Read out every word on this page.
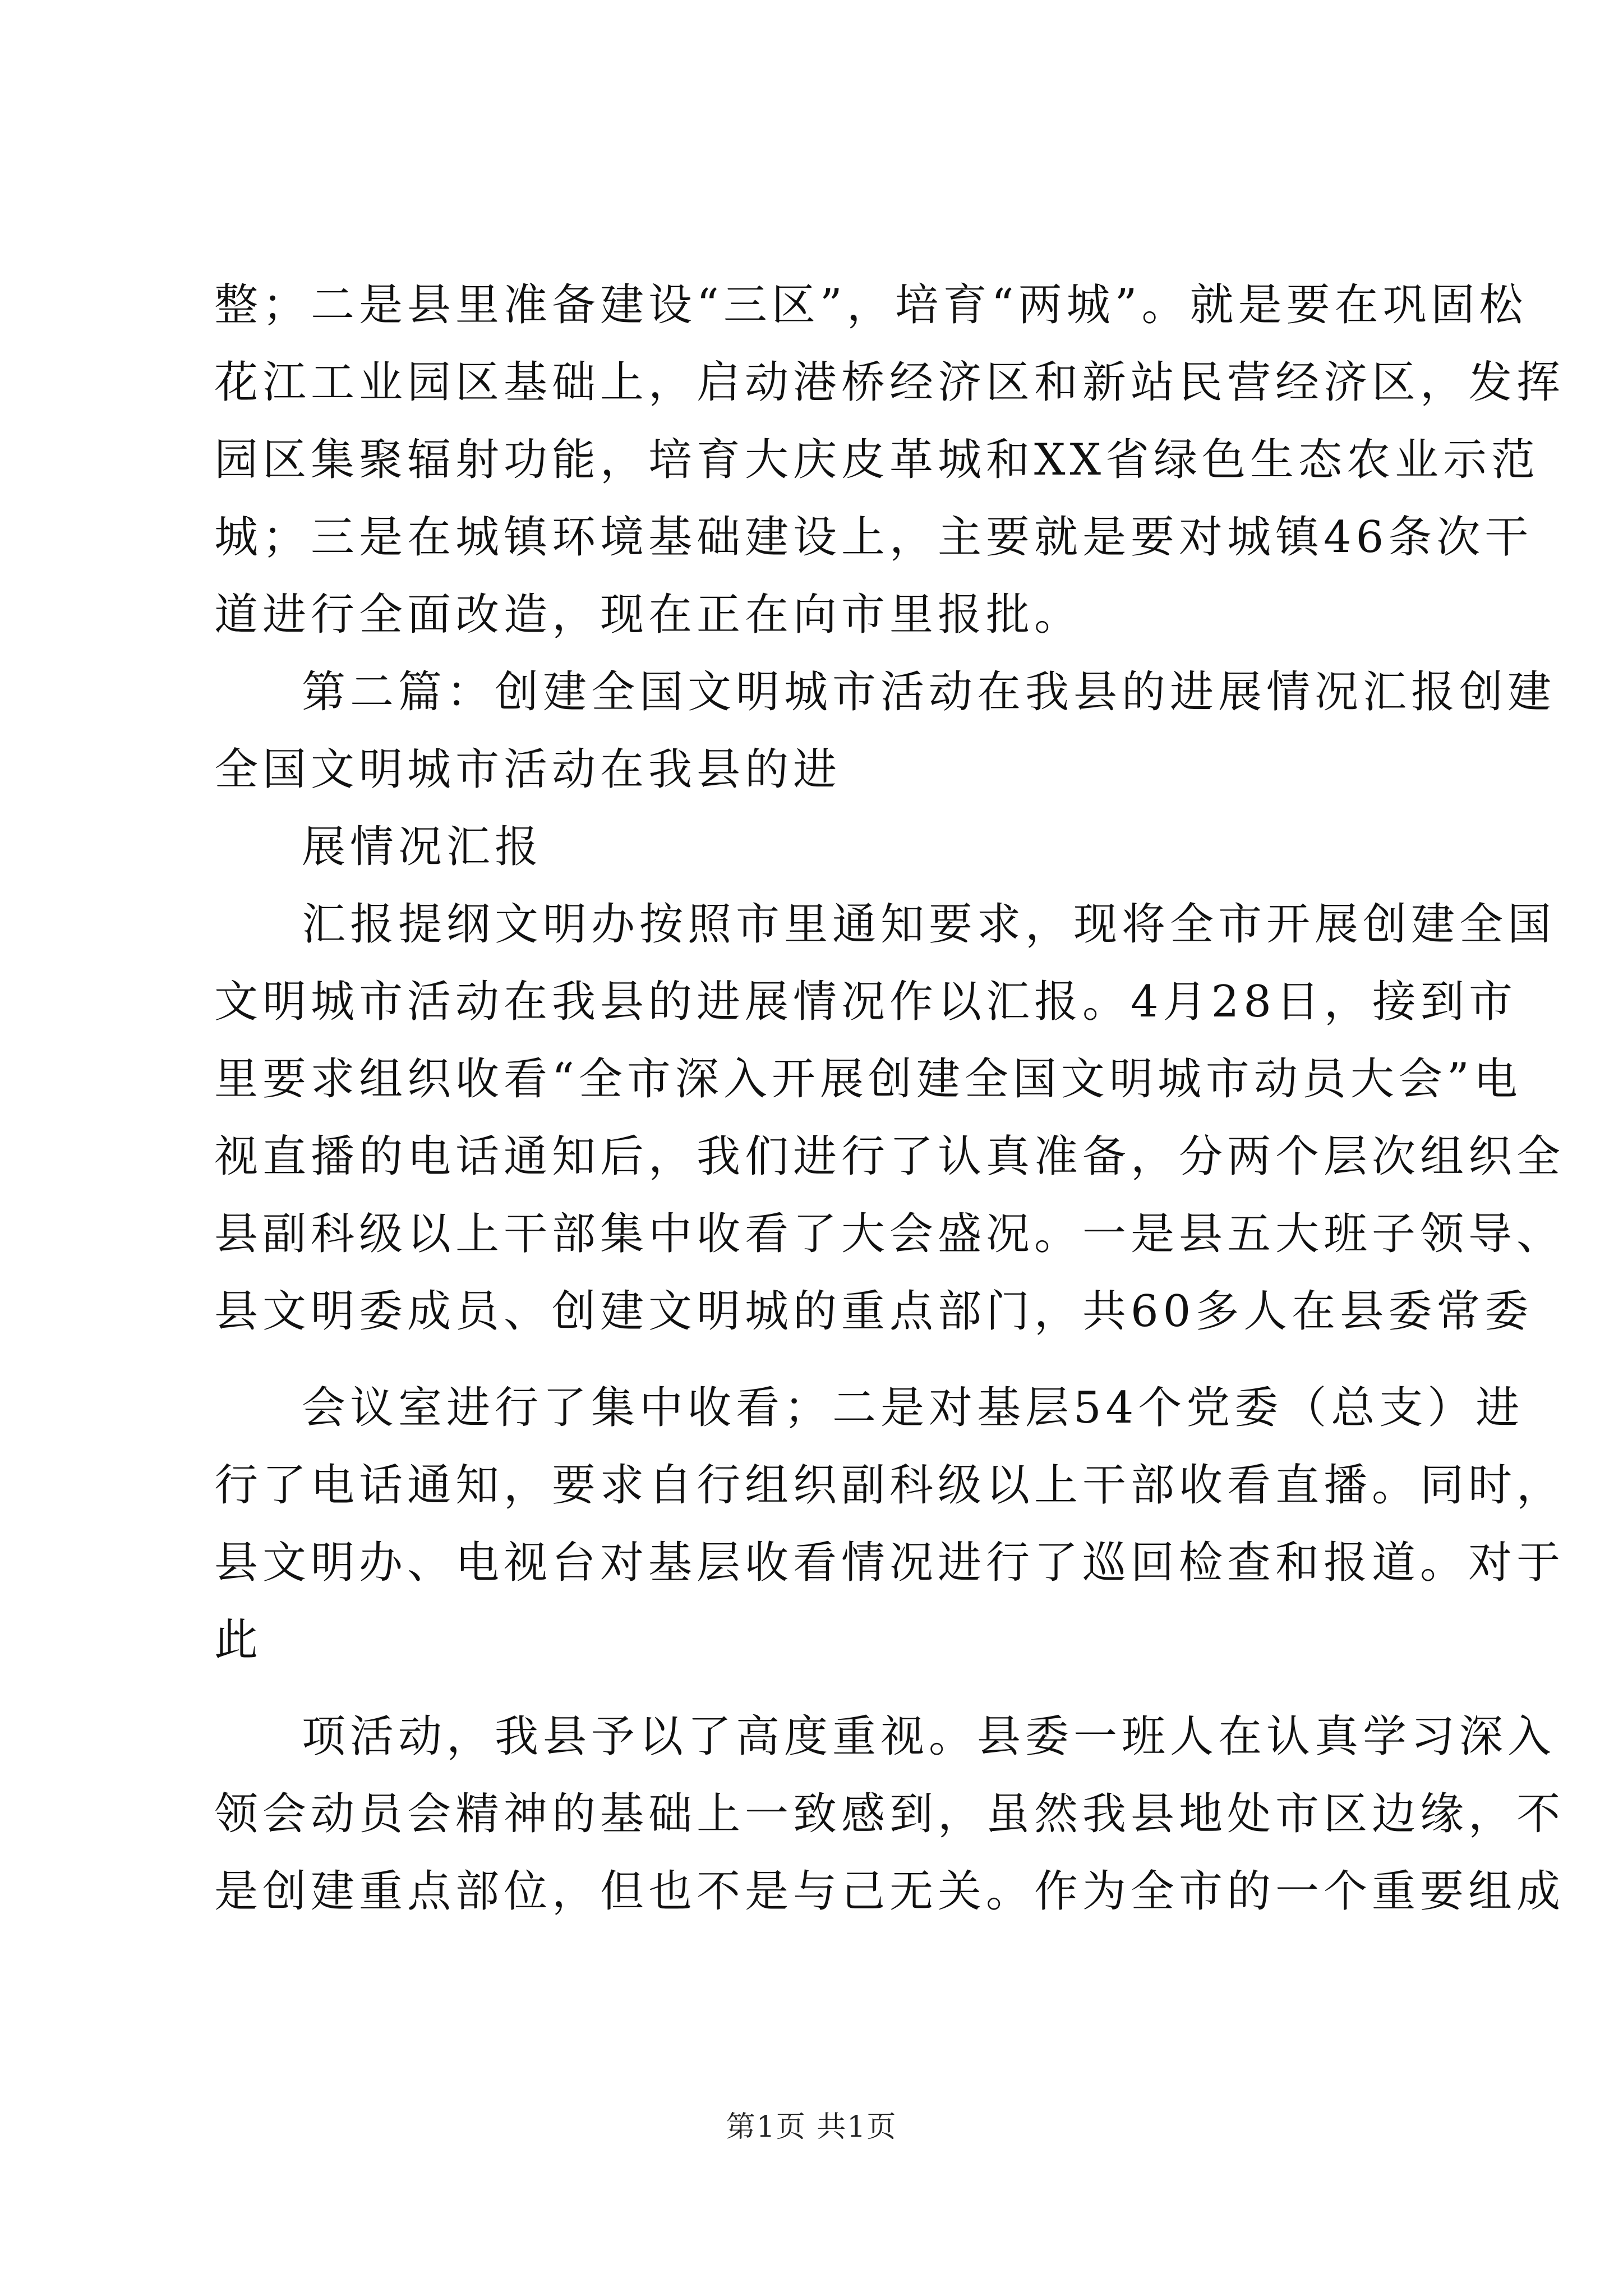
整；二是县里准备建设“三区”，培育“两城”。就是要在巩固松
花江工业园区基础上，启动港桥经济区和新站民营经济区，发挥
园区集聚辐射功能，培育大庆皮革城和XX省绿色生态农业示范
城；三是在城镇环境基础建设上，主要就是要对城镇46条次干
道进行全面改造，现在正在向市里报批。
第二篇：创建全国文明城市活动在我县的进展情况汇报创建
全国文明城市活动在我县的进
展情况汇报
汇报提纲文明办按照市里通知要求，现将全市开展创建全国
文明城市活动在我县的进展情况作以汇报。4月28日，接到市
里要求组织收看“全市深入开展创建全国文明城市动员大会”电
视直播的电话通知后，我们进行了认真准备，分两个层次组织全
县副科级以上干部集中收看了大会盛况。一是县五大班子领导、
县文明委成员、创建文明城的重点部门，共60多人在县委常委
会议室进行了集中收看；二是对基层54个党委（总支）进
行了电话通知，要求自行组织副科级以上干部收看直播。同时，
县文明办、电视台对基层收看情况进行了巡回检查和报道。对于
此
项活动，我县予以了高度重视。县委一班人在认真学习深入
领会动员会精神的基础上一致感到，虽然我县地处市区边缘，不
是创建重点部位，但也不是与己无关。作为全市的一个重要组成
第1页 共1页
